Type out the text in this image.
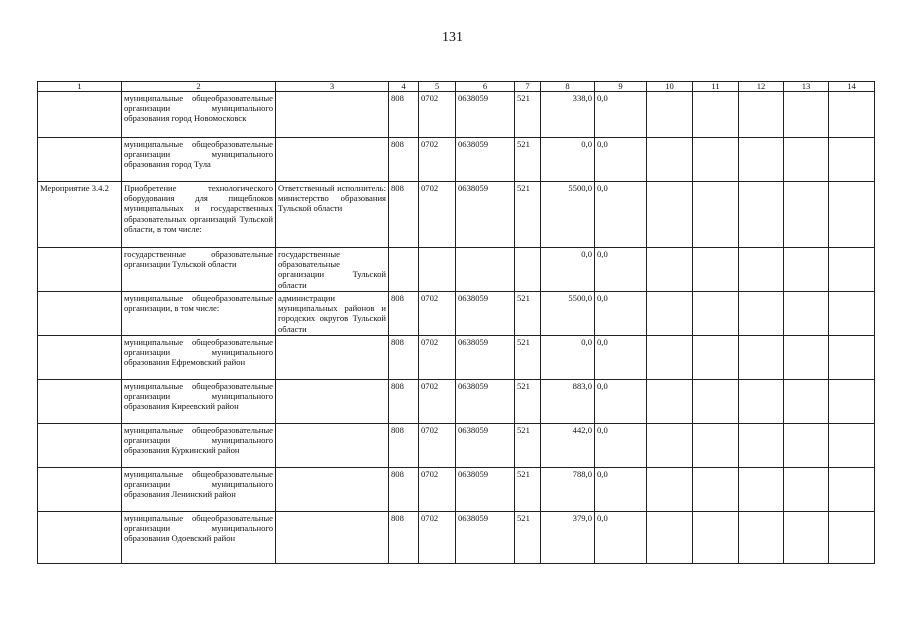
131
1	2	3	4	5	6	7	8	9	10	11	12	13	14
	муниципальные общеобразовательные организации муниципального образования город Новомосковск		808	0702	0638059	521	338,0	0,0					
	муниципальные общеобразовательные организации муниципального образования город Тула		808	0702	0638059	521	0,0	0,0					
Мероприятие 3.4.2	Приобретение технологического оборудования для пищеблоков муниципальных и государственных образовательных организаций Тульской области, в том числе:	Ответственный исполнитель: министерство образования Тульской области	808	0702	0638059	521	5500,0	0,0					
	государственные образовательные организации Тульской области	государственные образовательные организации Тульской области					0,0	0,0					
	муниципальные общеобразовательные организации, в том числе:	администрации муниципальных районов и городских округов Тульской области	808	0702	0638059	521	5500,0	0,0					
	муниципальные общеобразовательные организации муниципального образования Ефремовский район		808	0702	0638059	521	0,0	0,0					
	муниципальные общеобразовательные организации муниципального образования Киреевский район		808	0702	0638059	521	883,0	0,0					
	муниципальные общеобразовательные организации муниципального образования Куркинский район		808	0702	0638059	521	442,0	0,0					
	муниципальные общеобразовательные организации муниципального образования Ленинский район		808	0702	0638059	521	788,0	0,0					
	муниципальные общеобразовательные организации муниципального образования Одоевский район		808	0702	0638059	521	379,0	0,0					
